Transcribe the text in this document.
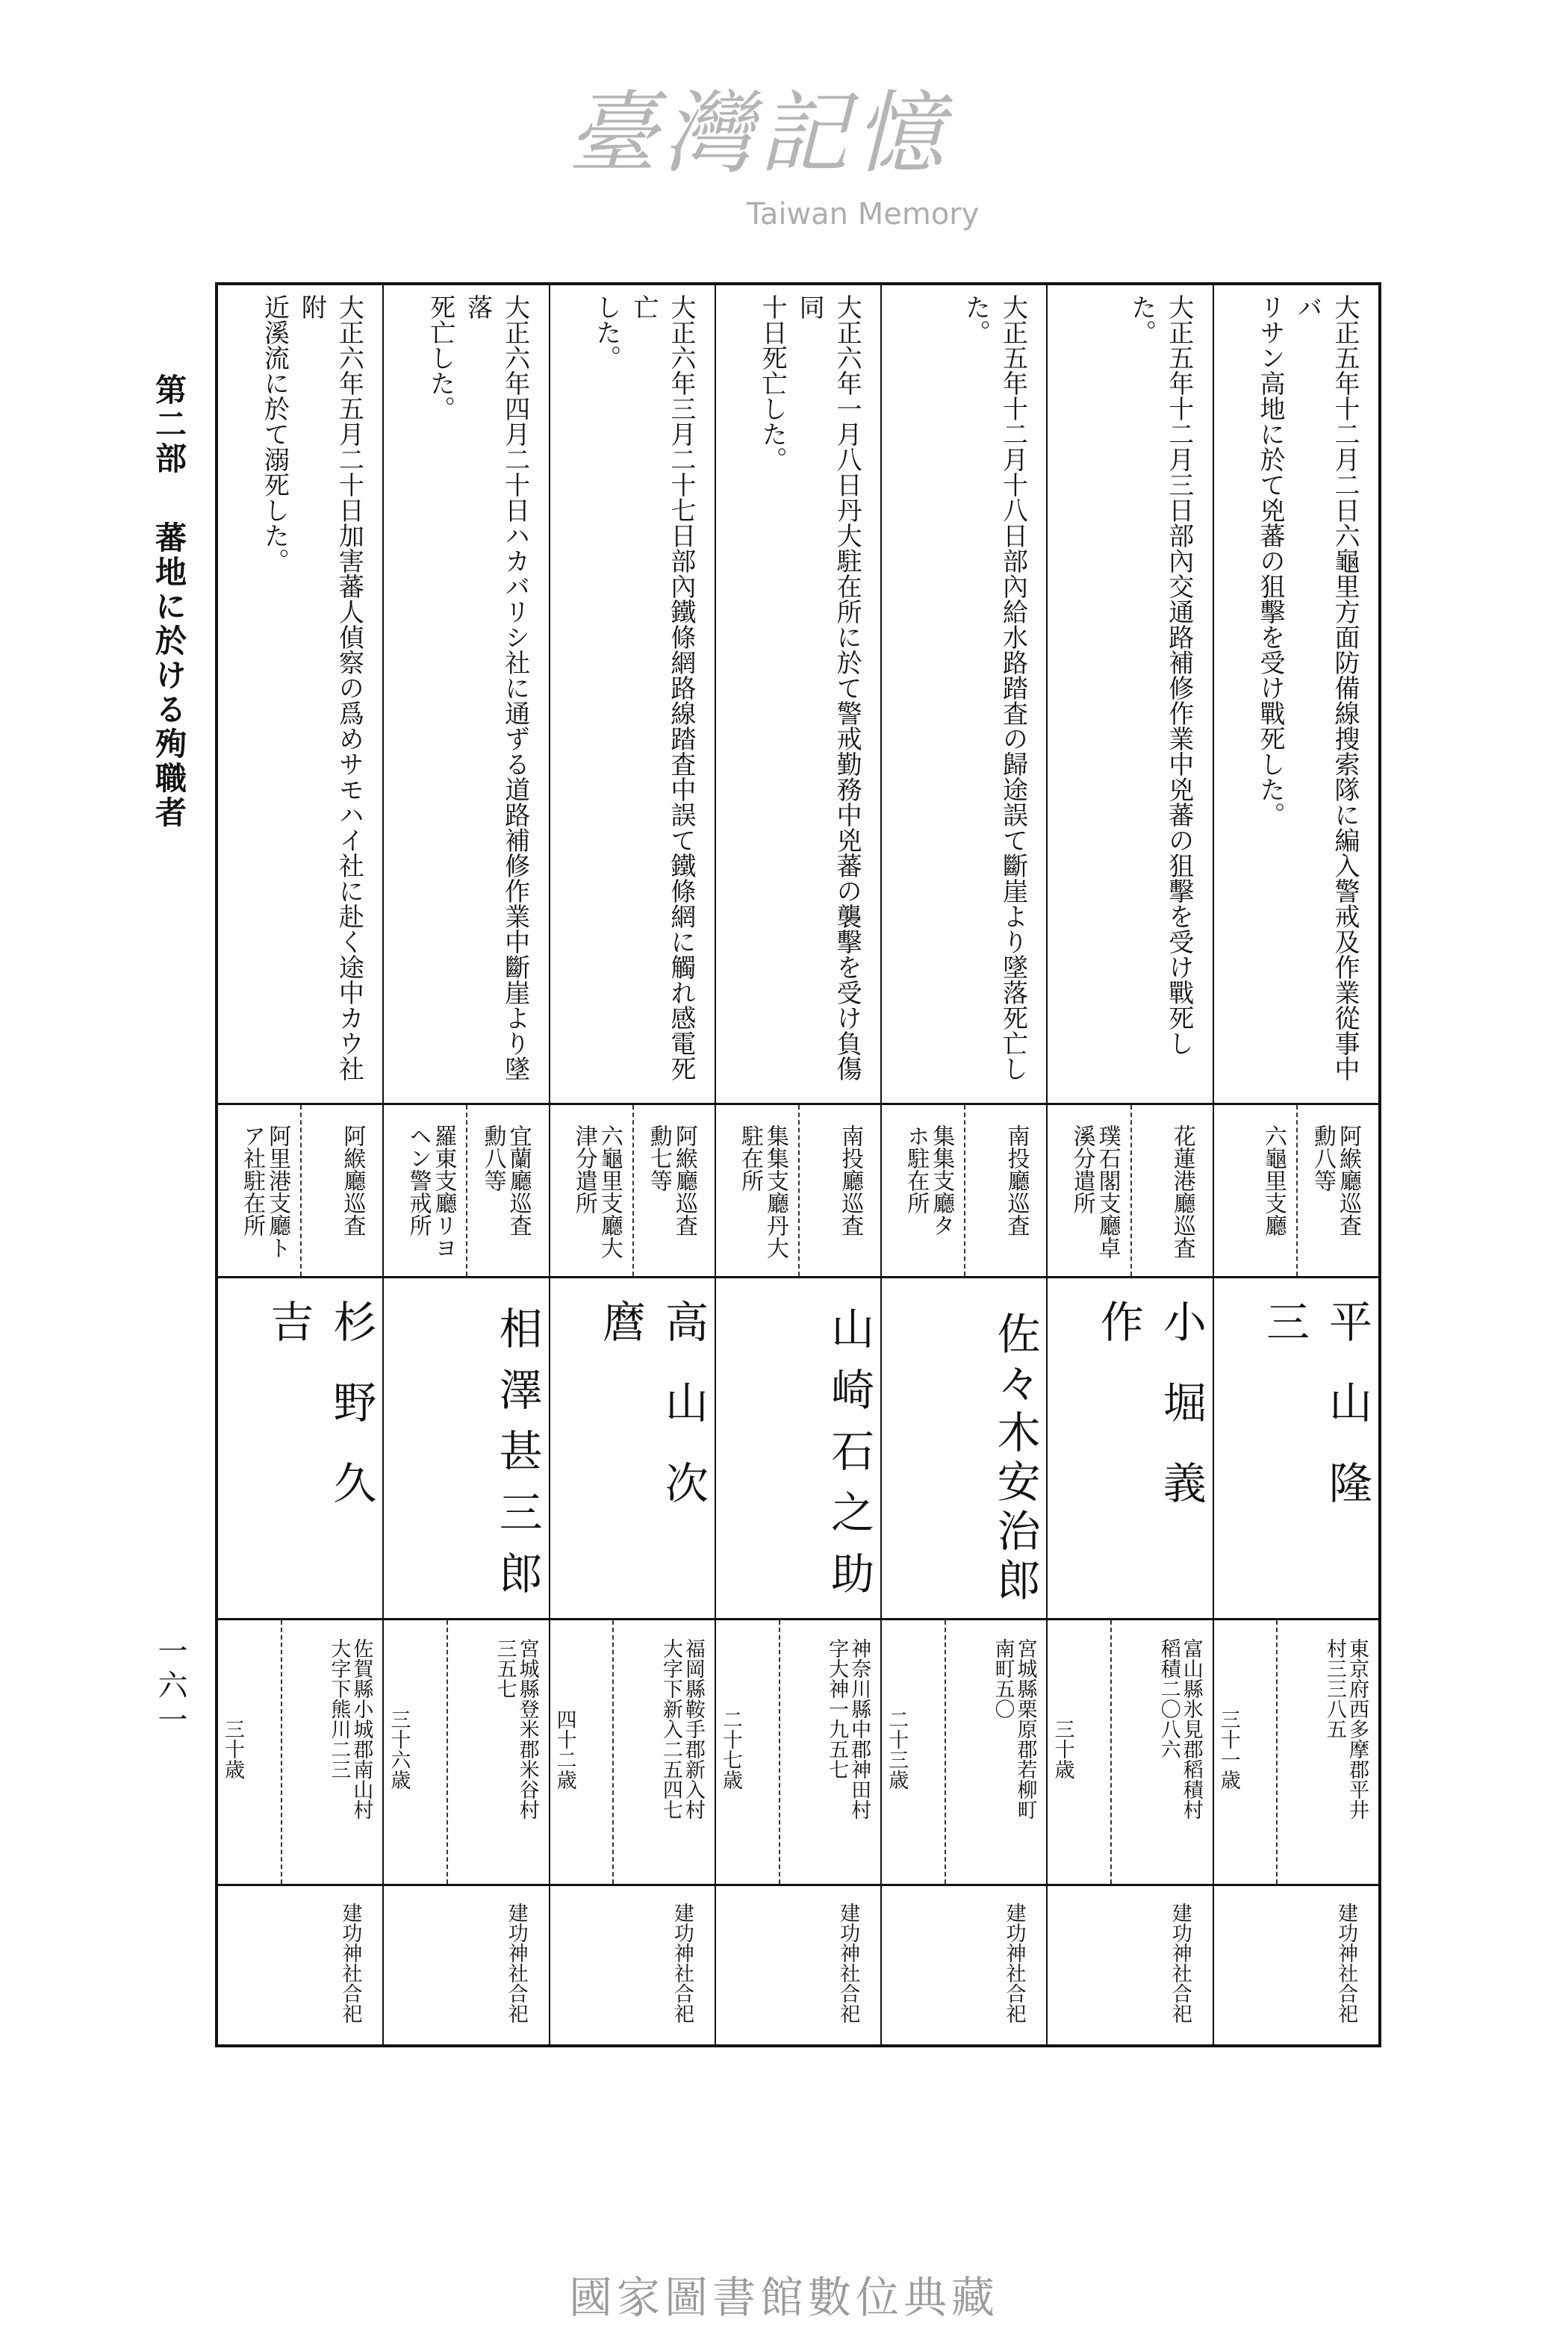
第二部蕃地に於ける殉職者
一六一
大正五年十二月二日六龜里方面防備線搜索隊に編入警戒及作業從事中バ
リサン高地に於て兇蕃の狙擊を受け戰死した。
阿緱廳巡査
勳八等
六龜里支廳
平山隆三
東京府西多摩郡平井
村三三八五
三十一歳
建功神社合祀
大正五年十二月三日部內交通路補修作業中兇蕃の狙擊を受け戰死した。
花蓮港廳巡査
璞石閣支廳卓
溪分遣所
小堀義作
富山縣氷見郡稻積村
稻積二〇八六
三十歳
建功神社合祀
大正五年十二月十八日部內給水路踏査の歸途誤て斷崖より墜落死亡し
た。
南投廳巡査
集集支廳タ
ホ駐在所
佐々木安治郎
宮城縣栗原郡若柳町
南町五〇
二十三歳
建功神社合祀
大正六年一月八日丹大駐在所に於て警戒勤務中兇蕃の襲擊を受け負傷同
十日死亡した。
南投廳巡査
集集支廳丹大
駐在所
山崎石之助
神奈川縣中郡神田村
字大神一九五七
二十七歳
建功神社合祀
大正六年三月二十七日部內鐵條網路線踏査中誤て鐵條網に觸れ感電死亡
した。
阿緱廳巡査
勳七等
六龜里支廳大
津分遣所
高山次麿
福岡縣鞍手郡新入村
大字下新入二五四七
四十二歳
建功神社合祀
大正六年四月二十日ハカバリシ社に通ずる道路補修作業中斷崖より墜落
死亡した。
宜蘭廳巡査
勳八等
羅東支廳リヨ
ヘン警戒所
相澤甚三郎
宮城縣登米郡米谷村
三五七
三十六歳
建功神社合祀
大正六年五月二十日加害蕃人偵察の爲めサモハイ社に赴く途中カウ社附
近溪流に於て溺死した。
阿緱廳巡査
阿里港支廳ト
ア社駐在所
杉野久吉
佐賀縣小城郡南山村
大字下熊川二三
三十歳
建功神社合祀
臺灣記憶
Taiwan Memory
國家圖書館數位典藏
